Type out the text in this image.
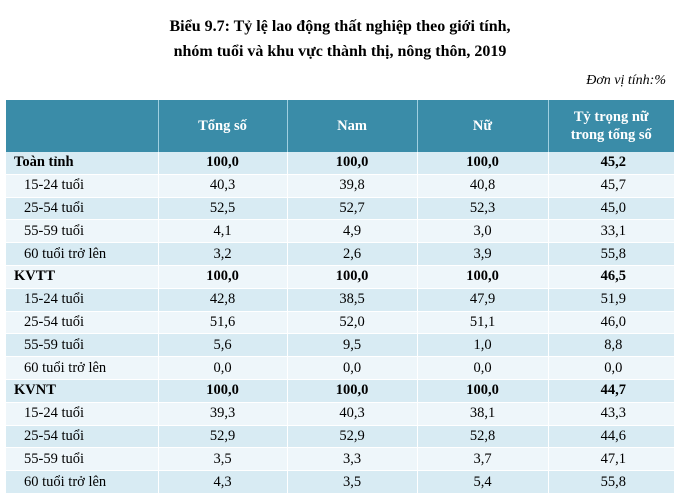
Biểu 9.7: Tỷ lệ lao động thất nghiệp theo giới tính,
nhóm tuổi và khu vực thành thị, nông thôn, 2019
Đơn vị tính:%
	Tổng số	Nam	Nữ	Tỷ trọng nữ trong tổng số
Toàn tỉnh	100,0	100,0	100,0	45,2
15-24 tuổi	40,3	39,8	40,8	45,7
25-54 tuổi	52,5	52,7	52,3	45,0
55-59 tuổi	4,1	4,9	3,0	33,1
60 tuổi trở lên	3,2	2,6	3,9	55,8
KVTT	100,0	100,0	100,0	46,5
15-24 tuổi	42,8	38,5	47,9	51,9
25-54 tuổi	51,6	52,0	51,1	46,0
55-59 tuổi	5,6	9,5	1,0	8,8
60 tuổi trở lên	0,0	0,0	0,0	0,0
KVNT	100,0	100,0	100,0	44,7
15-24 tuổi	39,3	40,3	38,1	43,3
25-54 tuổi	52,9	52,9	52,8	44,6
55-59 tuổi	3,5	3,3	3,7	47,1
60 tuổi trở lên	4,3	3,5	5,4	55,8
